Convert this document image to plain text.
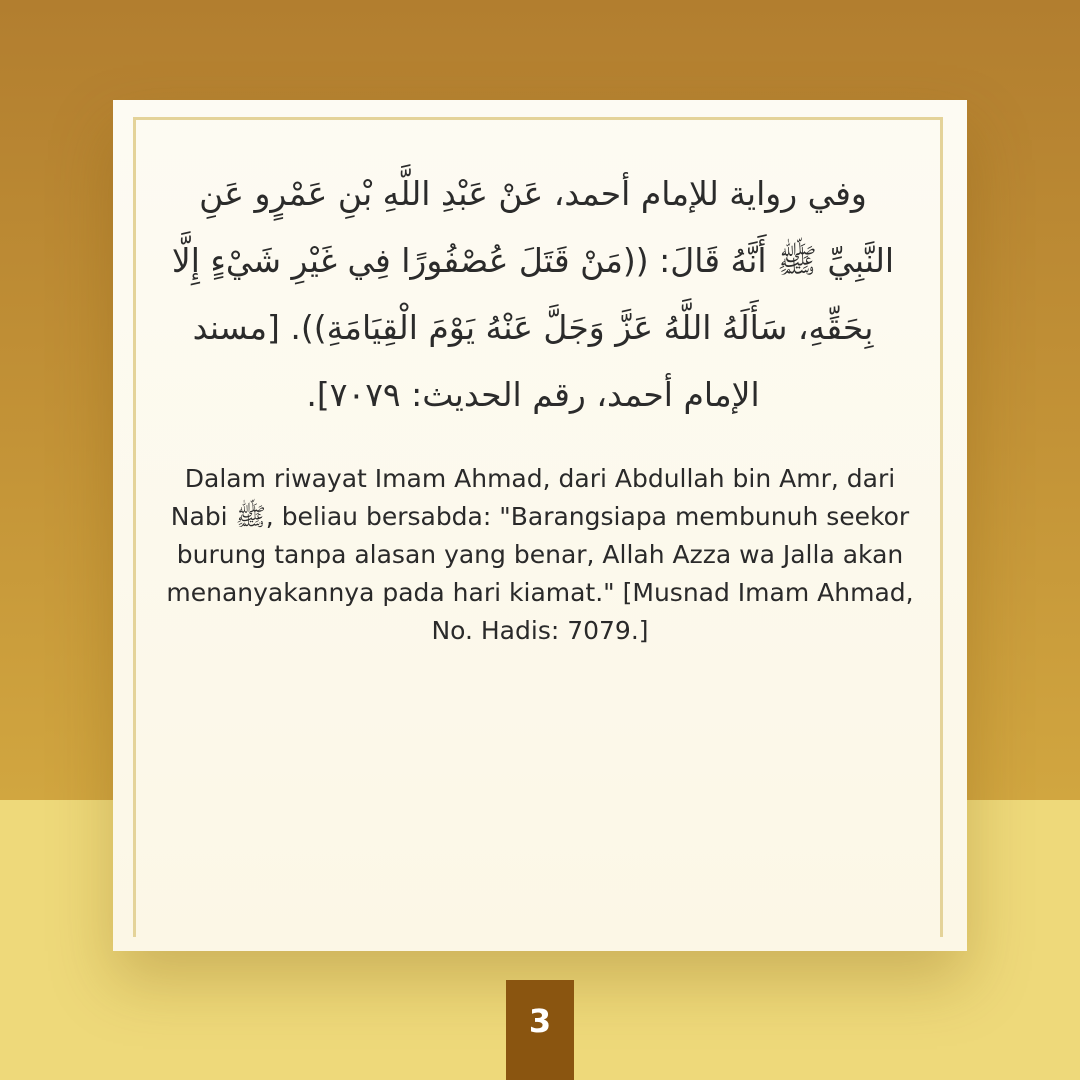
وفي رواية للإمام أحمد، عَنْ عَبْدِ اللَّهِ بْنِ عَمْرٍو عَنِ النَّبِيِّ ﷺ أَنَّهُ قَالَ: ((مَنْ قَتَلَ عُصْفُورًا فِي غَيْرِ شَيْءٍ إِلَّا بِحَقِّهِ، سَأَلَهُ اللَّهُ عَزَّ وَجَلَّ عَنْهُ يَوْمَ الْقِيَامَةِ)). [مسند الإمام أحمد، رقم الحديث: ٧٠٧٩].

Dalam riwayat Imam Ahmad, dari Abdullah bin Amr, dari Nabi ﷺ, beliau bersabda: "Barangsiapa membunuh seekor burung tanpa alasan yang benar, Allah Azza wa Jalla akan menanyakannya pada hari kiamat." [Musnad Imam Ahmad, No. Hadis: 7079.]

3
